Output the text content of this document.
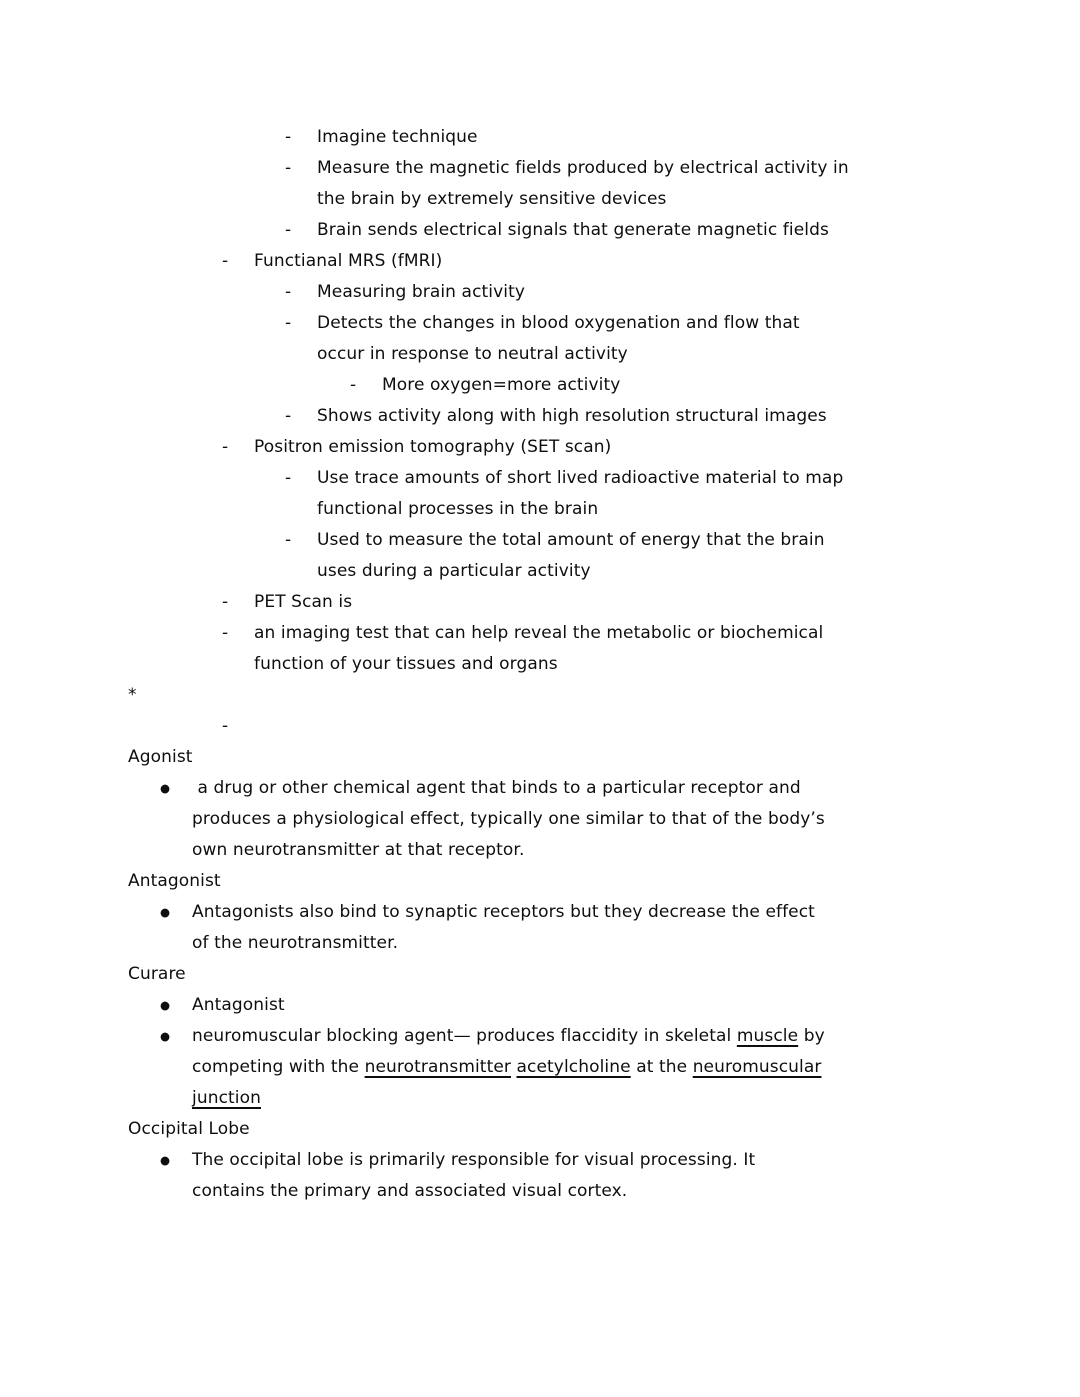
- Imagine technique
- Measure the magnetic fields produced by electrical activity in
the brain by extremely sensitive devices
- Brain sends electrical signals that generate magnetic fields
- Functianal MRS (fMRI)
- Measuring brain activity
- Detects the changes in blood oxygenation and flow that
occur in response to neutral activity
- More oxygen=more activity
- Shows activity along with high resolution structural images
- Positron emission tomography (SET scan)
- Use trace amounts of short lived radioactive material to map
functional processes in the brain
- Used to measure the total amount of energy that the brain
uses during a particular activity
- PET Scan is
- an imaging test that can help reveal the metabolic or biochemical
function of your tissues and organs
*
-
Agonist
● a drug or other chemical agent that binds to a particular receptor and
produces a physiological effect, typically one similar to that of the body’s
own neurotransmitter at that receptor.
Antagonist
● Antagonists also bind to synaptic receptors but they decrease the effect
of the neurotransmitter.
Curare
● Antagonist
● neuromuscular blocking agent— produces flaccidity in skeletal muscle by
competing with the neurotransmitter acetylcholine at the neuromuscular
junction
Occipital Lobe
● The occipital lobe is primarily responsible for visual processing. It
contains the primary and associated visual cortex.
